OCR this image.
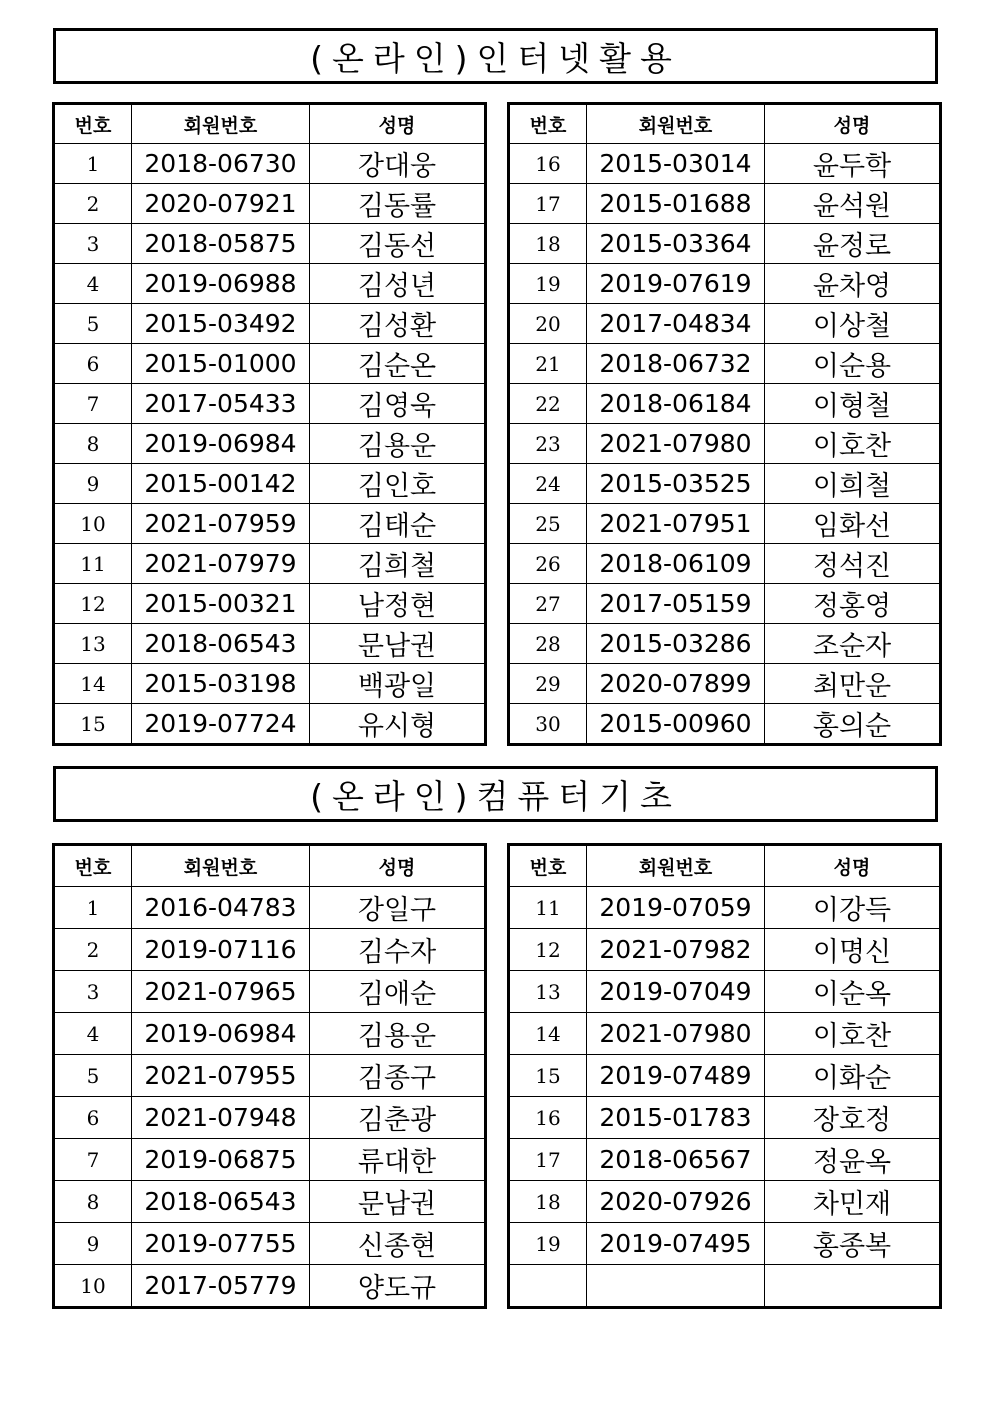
(온라인)인터넷활용
번호	회원번호	성명
1	2018-06730	강대웅
2	2020-07921	김동률
3	2018-05875	김동선
4	2019-06988	김성년
5	2015-03492	김성환
6	2015-01000	김순온
7	2017-05433	김영욱
8	2019-06984	김용운
9	2015-00142	김인호
10	2021-07959	김태순
11	2021-07979	김희철
12	2015-00321	남정현
13	2018-06543	문남권
14	2015-03198	백광일
15	2019-07724	유시형
번호	회원번호	성명
16	2015-03014	윤두학
17	2015-01688	윤석원
18	2015-03364	윤정로
19	2019-07619	윤차영
20	2017-04834	이상철
21	2018-06732	이순용
22	2018-06184	이형철
23	2021-07980	이호찬
24	2015-03525	이희철
25	2021-07951	임화선
26	2018-06109	정석진
27	2017-05159	정홍영
28	2015-03286	조순자
29	2020-07899	최만운
30	2015-00960	홍의순
(온라인)컴퓨터기초
번호	회원번호	성명
1	2016-04783	강일구
2	2019-07116	김수자
3	2021-07965	김애순
4	2019-06984	김용운
5	2021-07955	김종구
6	2021-07948	김춘광
7	2019-06875	류대한
8	2018-06543	문남권
9	2019-07755	신종현
10	2017-05779	양도규
번호	회원번호	성명
11	2019-07059	이강득
12	2021-07982	이명신
13	2019-07049	이순옥
14	2021-07980	이호찬
15	2019-07489	이화순
16	2015-01783	장호정
17	2018-06567	정윤옥
18	2020-07926	차민재
19	2019-07495	홍종복
